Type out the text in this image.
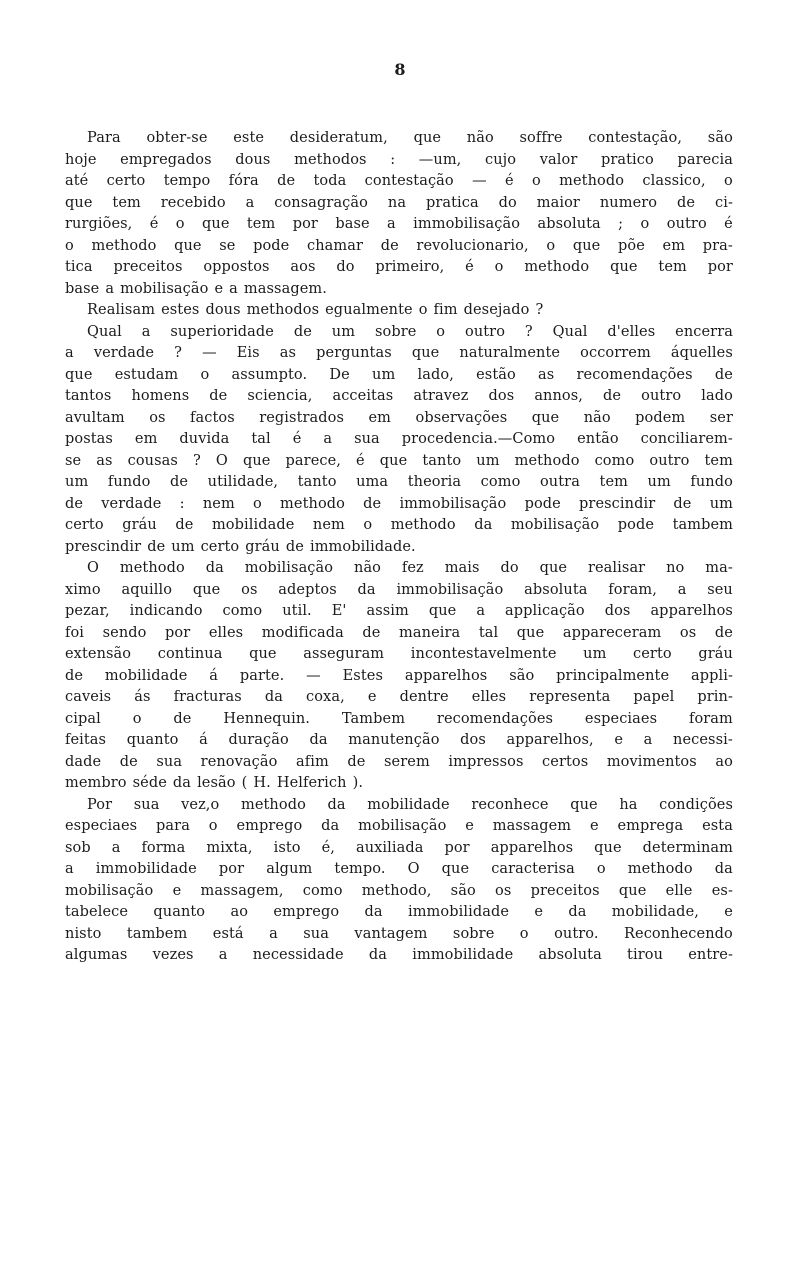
8
Para obter-se este desideratum, que não soffre contestação, são
hoje empregados dous methodos : —um, cujo valor pratico parecia
até certo tempo fóra de toda contestação — é o methodo classico, o
que tem recebido a consagração na pratica do maior numero de ci-
rurgiões, é o que tem por base a immobilisação absoluta ; o outro é
o methodo que se pode chamar de revolucionario, o que põe em pra-
tica preceitos oppostos aos do primeiro, é o methodo que tem por
base a mobilisação e a massagem.
Realisam estes dous methodos egualmente o fim desejado ?
Qual a superioridade de um sobre o outro ? Qual d'elles encerra
a verdade ? — Eis as perguntas que naturalmente occorrem áquelles
que estudam o assumpto. De um lado, estão as recomendações de
tantos homens de sciencia, acceitas atravez dos annos, de outro lado
avultam os factos registrados em observações que não podem ser
postas em duvida tal é a sua procedencia.—Como então conciliarem-
se as cousas ? O que parece, é que tanto um methodo como outro tem
um fundo de utilidade, tanto uma theoria como outra tem um fundo
de verdade : nem o methodo de immobilisação pode prescindir de um
certo gráu de mobilidade nem o methodo da mobilisação pode tambem
prescindir de um certo gráu de immobilidade.
O methodo da mobilisação não fez mais do que realisar no ma-
ximo aquillo que os adeptos da immobilisação absoluta foram, a seu
pezar, indicando como util. E' assim que a applicação dos apparelhos
foi sendo por elles modificada de maneira tal que appareceram os de
extensão continua que asseguram incontestavelmente um certo gráu
de mobilidade á parte. — Estes apparelhos são principalmente appli-
caveis ás fracturas da coxa, e dentre elles representa papel prin-
cipal o de Hennequin. Tambem recomendações especiaes foram
feitas quanto á duração da manutenção dos apparelhos, e a necessi-
dade de sua renovação afim de serem impressos certos movimentos ao
membro séde da lesão ( H. Helferich ).
Por sua vez,o methodo da mobilidade reconhece que ha condições
especiaes para o emprego da mobilisação e massagem e emprega esta
sob a forma mixta, isto é, auxiliada por apparelhos que determinam
a immobilidade por algum tempo. O que caracterisa o methodo da
mobilisação e massagem, como methodo, são os preceitos que elle es-
tabelece quanto ao emprego da immobilidade e da mobilidade, e
nisto tambem está a sua vantagem sobre o outro. Reconhecendo
algumas vezes a necessidade da immobilidade absoluta tirou entre-
